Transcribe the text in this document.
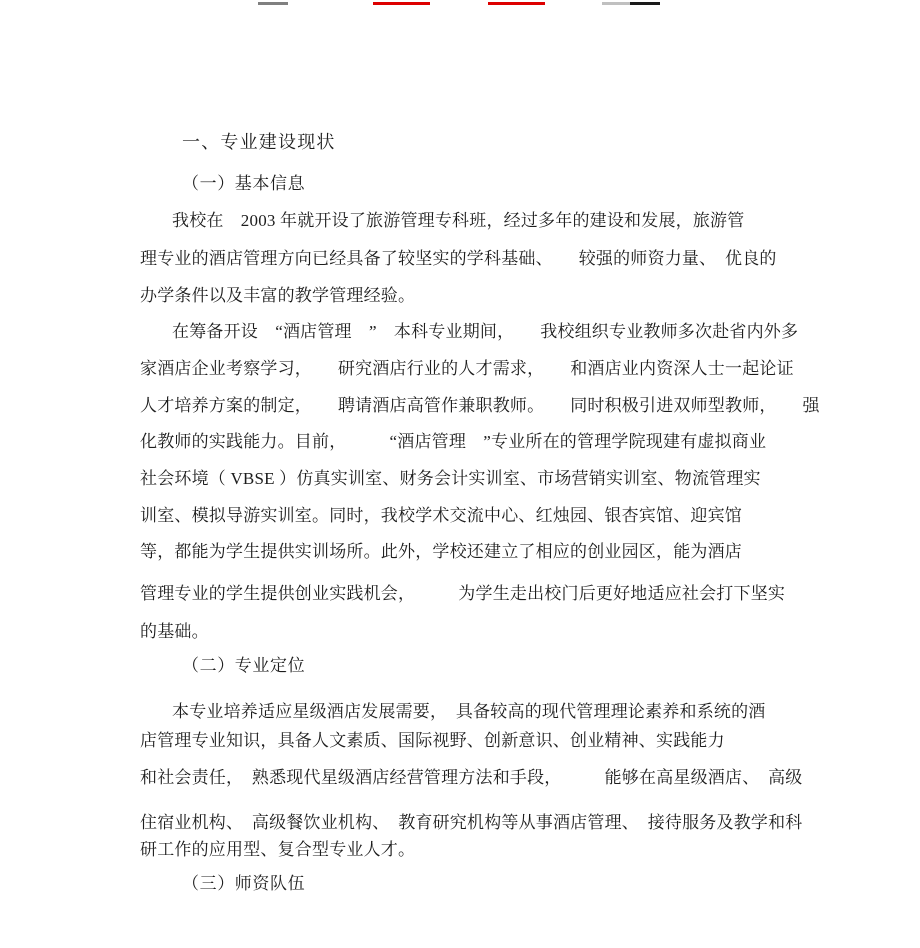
一、专业建设现状
（一）基本信息
我校在　2003 年就开设了旅游管理专科班，经过多年的建设和发展，旅游管
理专业的酒店管理方向已经具备了较坚实的学科基础、　　较强的师资力量、　优良的
办学条件以及丰富的教学管理经验。
在筹备开设　“酒店管理　”　本科专业期间，　　我校组织专业教师多次赴省内外多
家酒店企业考察学习，　　研究酒店行业的人才需求，　　和酒店业内资深人士一起论证
人才培养方案的制定，　　聘请酒店高管作兼职教师。　　同时积极引进双师型教师，　　强
化教师的实践能力。目前，　　　“酒店管理　”专业所在的管理学院现建有虚拟商业
社会环境（ VBSE ）仿真实训室、财务会计实训室、市场营销实训室、物流管理实
训室、模拟导游实训室。同时，我校学术交流中心、红烛园、银杏宾馆、迎宾馆
等，都能为学生提供实训场所。此外，学校还建立了相应的创业园区，能为酒店
管理专业的学生提供创业实践机会，　　　为学生走出校门后更好地适应社会打下坚实
的基础。
（二）专业定位
本专业培养适应星级酒店发展需要，　具备较高的现代管理理论素养和系统的酒
店管理专业知识，具备人文素质、国际视野、创新意识、创业精神、实践能力
和社会责任，　熟悉现代星级酒店经营管理方法和手段，　　　能够在高星级酒店、　高级
住宿业机构、　高级餐饮业机构、　教育研究机构等从事酒店管理、　接待服务及教学和科
研工作的应用型、复合型专业人才。
（三）师资队伍
